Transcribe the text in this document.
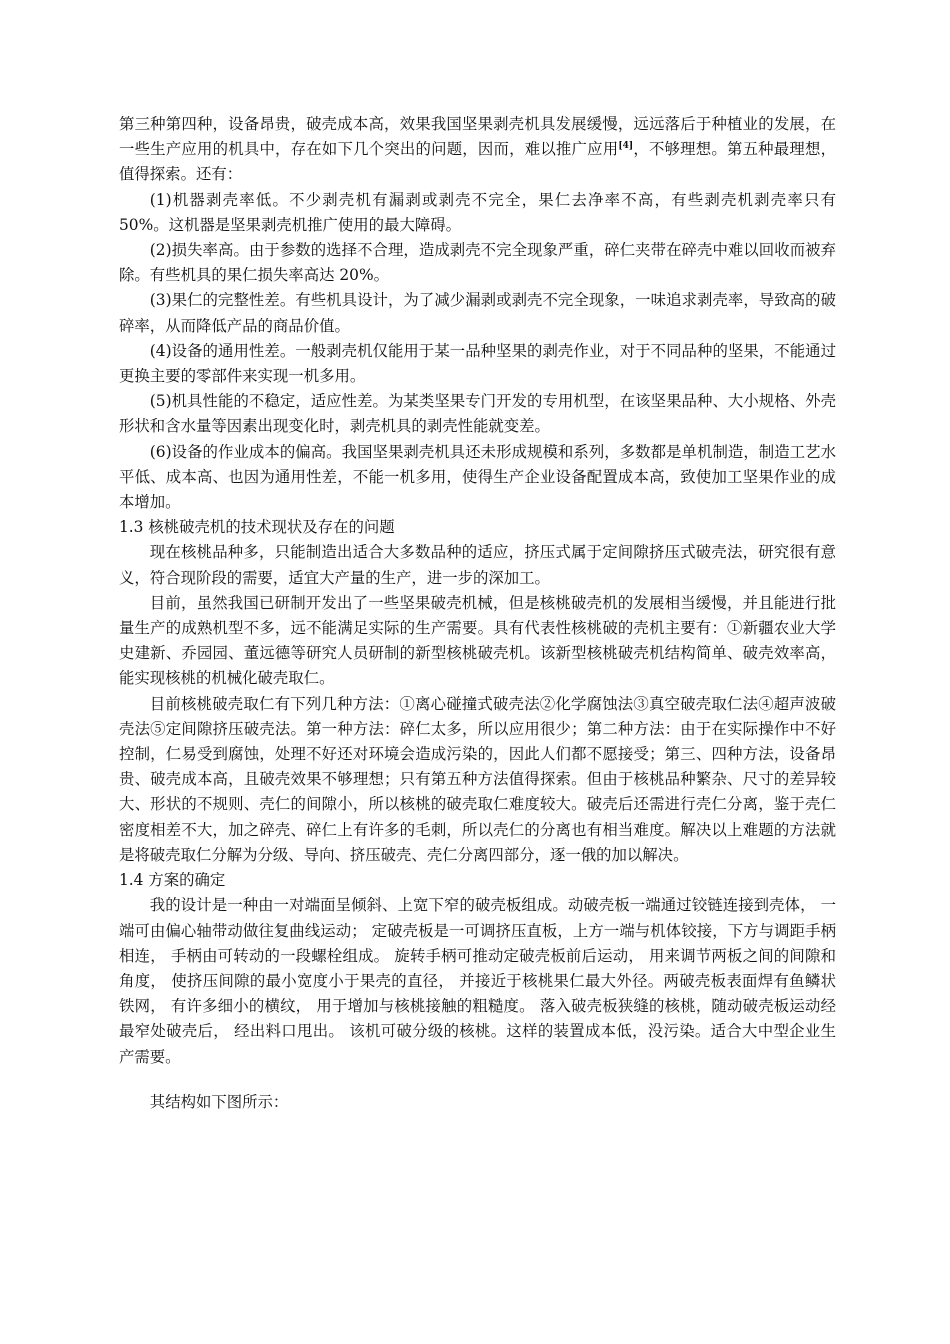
第三种第四种，设备昂贵，破壳成本高，效果我国坚果剥壳机具发展缓慢，远远落后于种植业的发展，在一些生产应用的机具中，存在如下几个突出的问题，因而，难以推广应用[4]，不够理想。第五种最理想，值得探索。还有：

(1)机器剥壳率低。不少剥壳机有漏剥或剥壳不完全，果仁去净率不高，有些剥壳机剥壳率只有50%。这机器是坚果剥壳机推广使用的最大障碍。

(2)损失率高。由于参数的选择不合理，造成剥壳不完全现象严重，碎仁夹带在碎壳中难以回收而被弃除。有些机具的果仁损失率高达 20%。

(3)果仁的完整性差。有些机具设计，为了减少漏剥或剥壳不完全现象，一味追求剥壳率，导致高的破碎率，从而降低产品的商品价值。

(4)设备的通用性差。一般剥壳机仅能用于某一品种坚果的剥壳作业，对于不同品种的坚果，不能通过更换主要的零部件来实现一机多用。

(5)机具性能的不稳定，适应性差。为某类坚果专门开发的专用机型，在该坚果品种、大小规格、外壳形状和含水量等因素出现变化时，剥壳机具的剥壳性能就变差。

(6)设备的作业成本的偏高。我国坚果剥壳机具还未形成规模和系列，多数都是单机制造，制造工艺水平低、成本高、也因为通用性差，不能一机多用，使得生产企业设备配置成本高，致使加工坚果作业的成本增加。

1.3 核桃破壳机的技术现状及存在的问题

现在核桃品种多，只能制造出适合大多数品种的适应，挤压式属于定间隙挤压式破壳法，研究很有意义，符合现阶段的需要，适宜大产量的生产，进一步的深加工。

目前，虽然我国已研制开发出了一些坚果破壳机械，但是核桃破壳机的发展相当缓慢，并且能进行批量生产的成熟机型不多，远不能满足实际的生产需要。具有代表性核桃破的壳机主要有：①新疆农业大学史建新、乔园园、董远德等研究人员研制的新型核桃破壳机。该新型核桃破壳机结构简单、破壳效率高，能实现核桃的机械化破壳取仁。

目前核桃破壳取仁有下列几种方法：①离心碰撞式破壳法②化学腐蚀法③真空破壳取仁法④超声波破壳法⑤定间隙挤压破壳法。第一种方法：碎仁太多，所以应用很少；第二种方法：由于在实际操作中不好控制，仁易受到腐蚀，处理不好还对环境会造成污染的，因此人们都不愿接受；第三、四种方法，设备昂贵、破壳成本高，且破壳效果不够理想；只有第五种方法值得探索。但由于核桃品种繁杂、尺寸的差异较大、形状的不规则、壳仁的间隙小，所以核桃的破壳取仁难度较大。破壳后还需进行壳仁分离，鉴于壳仁密度相差不大，加之碎壳、碎仁上有许多的毛刺，所以壳仁的分离也有相当难度。解决以上难题的方法就是将破壳取仁分解为分级、导向、挤压破壳、壳仁分离四部分，逐一俄的加以解决。

1.4 方案的确定

我的设计是一种由一对端面呈倾斜、上宽下窄的破壳板组成。动破壳板一端通过铰链连接到壳体， 一端可由偏心轴带动做往复曲线运动； 定破壳板是一可调挤压直板，上方一端与机体铰接，下方与调距手柄相连， 手柄由可转动的一段螺栓组成。 旋转手柄可推动定破壳板前后运动， 用来调节两板之间的间隙和角度， 使挤压间隙的最小宽度小于果壳的直径， 并接近于核桃果仁最大外径。两破壳板表面焊有鱼鳞状铁网， 有许多细小的横纹， 用于增加与核桃接触的粗糙度。 落入破壳板狭缝的核桃，随动破壳板运动经最窄处破壳后， 经出料口甩出。 该机可破分级的核桃。这样的装置成本低，没污染。适合大中型企业生产需要。

其结构如下图所示：
